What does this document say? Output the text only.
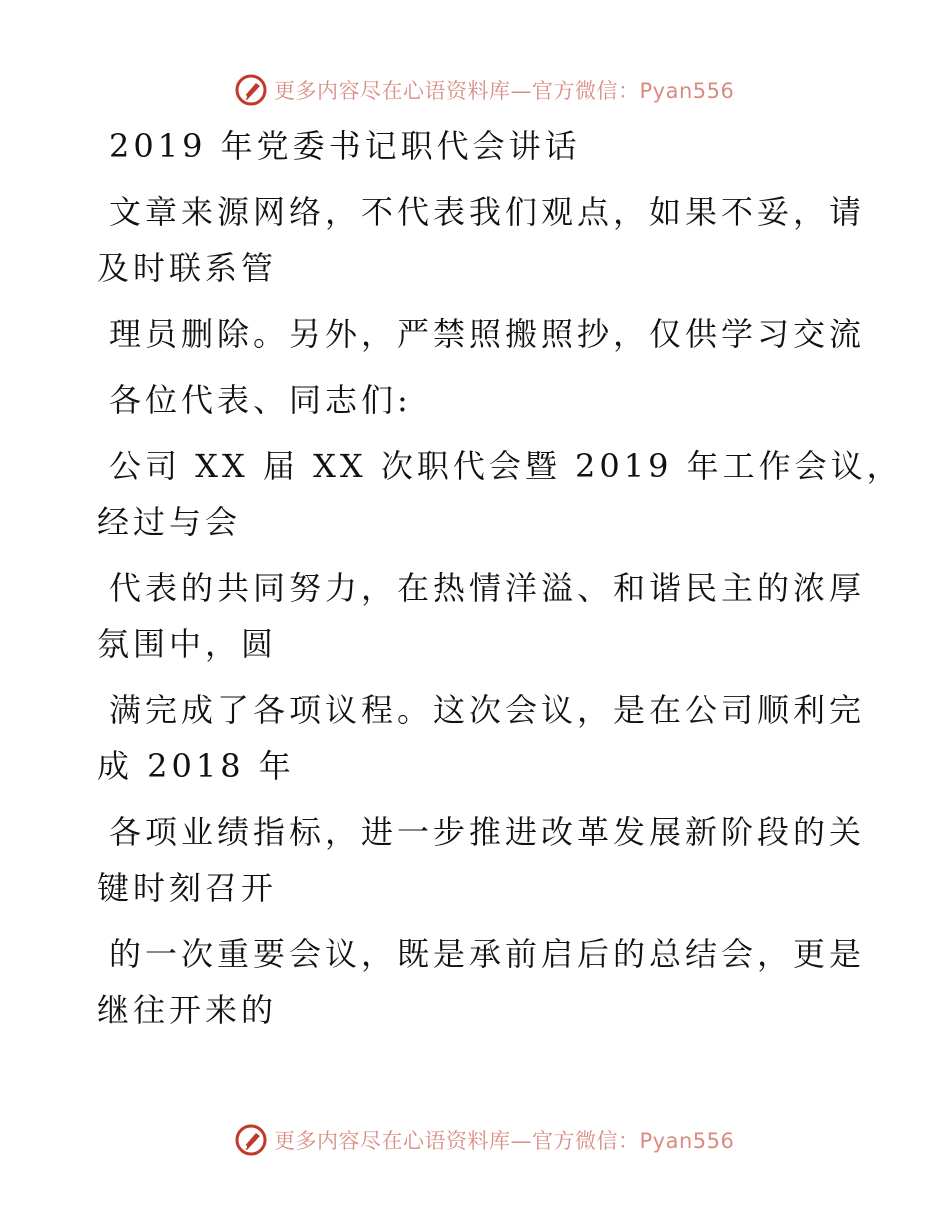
更多内容尽在心语资料库—官方微信：Pyan556
2019 年党委书记职代会讲话
文章来源网络，不代表我们观点，如果不妥，请
及时联系管
理员删除。另外，严禁照搬照抄，仅供学习交流
各位代表、同志们:
公司 XX 届 XX 次职代会暨 2019 年工作会议，
经过与会
代表的共同努力，在热情洋溢、和谐民主的浓厚
氛围中，圆
满完成了各项议程。这次会议，是在公司顺利完
成 2018 年
各项业绩指标，进一步推进改革发展新阶段的关
键时刻召开
的一次重要会议，既是承前启后的总结会，更是
继往开来的
更多内容尽在心语资料库—官方微信：Pyan556
